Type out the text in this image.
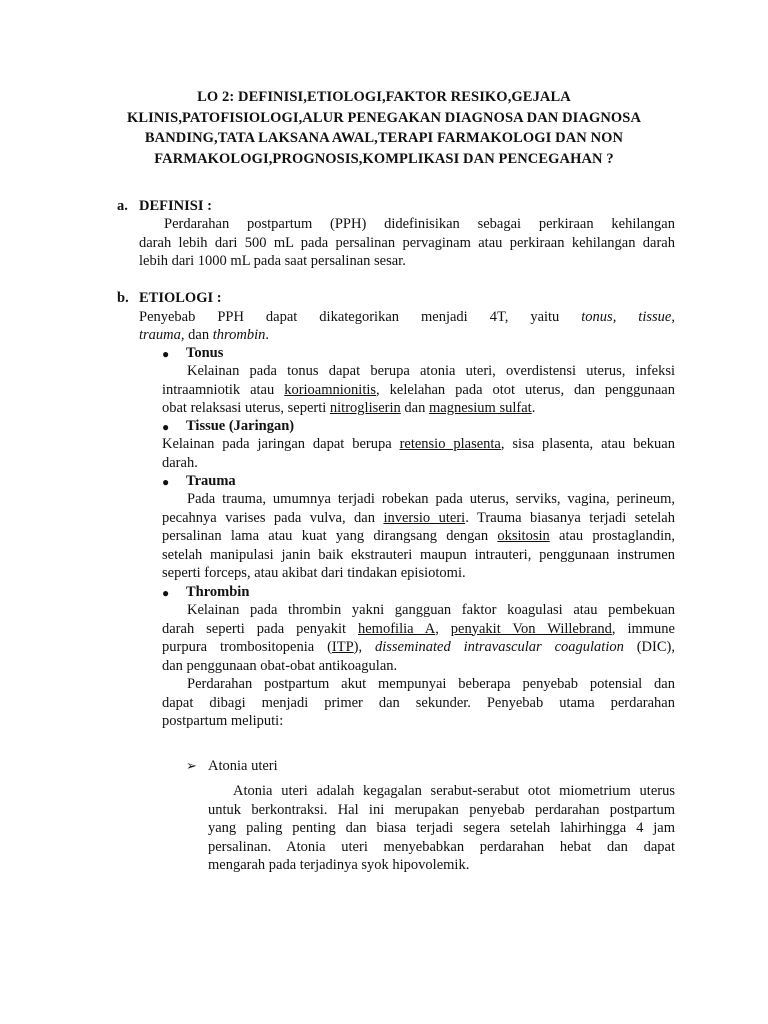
LO 2: DEFINISI,ETIOLOGI,FAKTOR RESIKO,GEJALA
KLINIS,PATOFISIOLOGI,ALUR PENEGAKAN DIAGNOSA DAN DIAGNOSA
BANDING,TATA LAKSANA AWAL,TERAPI FARMAKOLOGI DAN NON
FARMAKOLOGI,PROGNOSIS,KOMPLIKASI DAN PENCEGAHAN ?
a. DEFINISI :
Perdarahan postpartum (PPH) didefinisikan sebagai perkiraan kehilangan
darah lebih dari 500 mL pada persalinan pervaginam atau perkiraan kehilangan darah
lebih dari 1000 mL pada saat persalinan sesar.
b. ETIOLOGI :
Penyebab PPH dapat dikategorikan menjadi 4T, yaitu tonus, tissue,
trauma, dan thrombin.
● Tonus
Kelainan pada tonus dapat berupa atonia uteri, overdistensi uterus, infeksi
intraamniotik atau korioamnionitis, kelelahan pada otot uterus, dan penggunaan
obat relaksasi uterus, seperti nitrogliserin dan magnesium sulfat.
● Tissue (Jaringan)
Kelainan pada jaringan dapat berupa retensio plasenta, sisa plasenta, atau bekuan
darah.
● Trauma
Pada trauma, umumnya terjadi robekan pada uterus, serviks, vagina, perineum,
pecahnya varises pada vulva, dan inversio uteri. Trauma biasanya terjadi setelah
persalinan lama atau kuat yang dirangsang dengan oksitosin atau prostaglandin,
setelah manipulasi janin baik ekstrauteri maupun intrauteri, penggunaan instrumen
seperti forceps, atau akibat dari tindakan episiotomi.
● Thrombin
Kelainan pada thrombin yakni gangguan faktor koagulasi atau pembekuan
darah seperti pada penyakit hemofilia A, penyakit Von Willebrand, immune
purpura trombositopenia (ITP), disseminated intravascular coagulation (DIC),
dan penggunaan obat-obat antikoagulan.
Perdarahan postpartum akut mempunyai beberapa penyebab potensial dan
dapat dibagi menjadi primer dan sekunder. Penyebab utama perdarahan
postpartum meliputi:
➢ Atonia uteri
Atonia uteri adalah kegagalan serabut-serabut otot miometrium uterus
untuk berkontraksi. Hal ini merupakan penyebab perdarahan postpartum
yang paling penting dan biasa terjadi segera setelah lahirhingga 4 jam
persalinan. Atonia uteri menyebabkan perdarahan hebat dan dapat
mengarah pada terjadinya syok hipovolemik.
